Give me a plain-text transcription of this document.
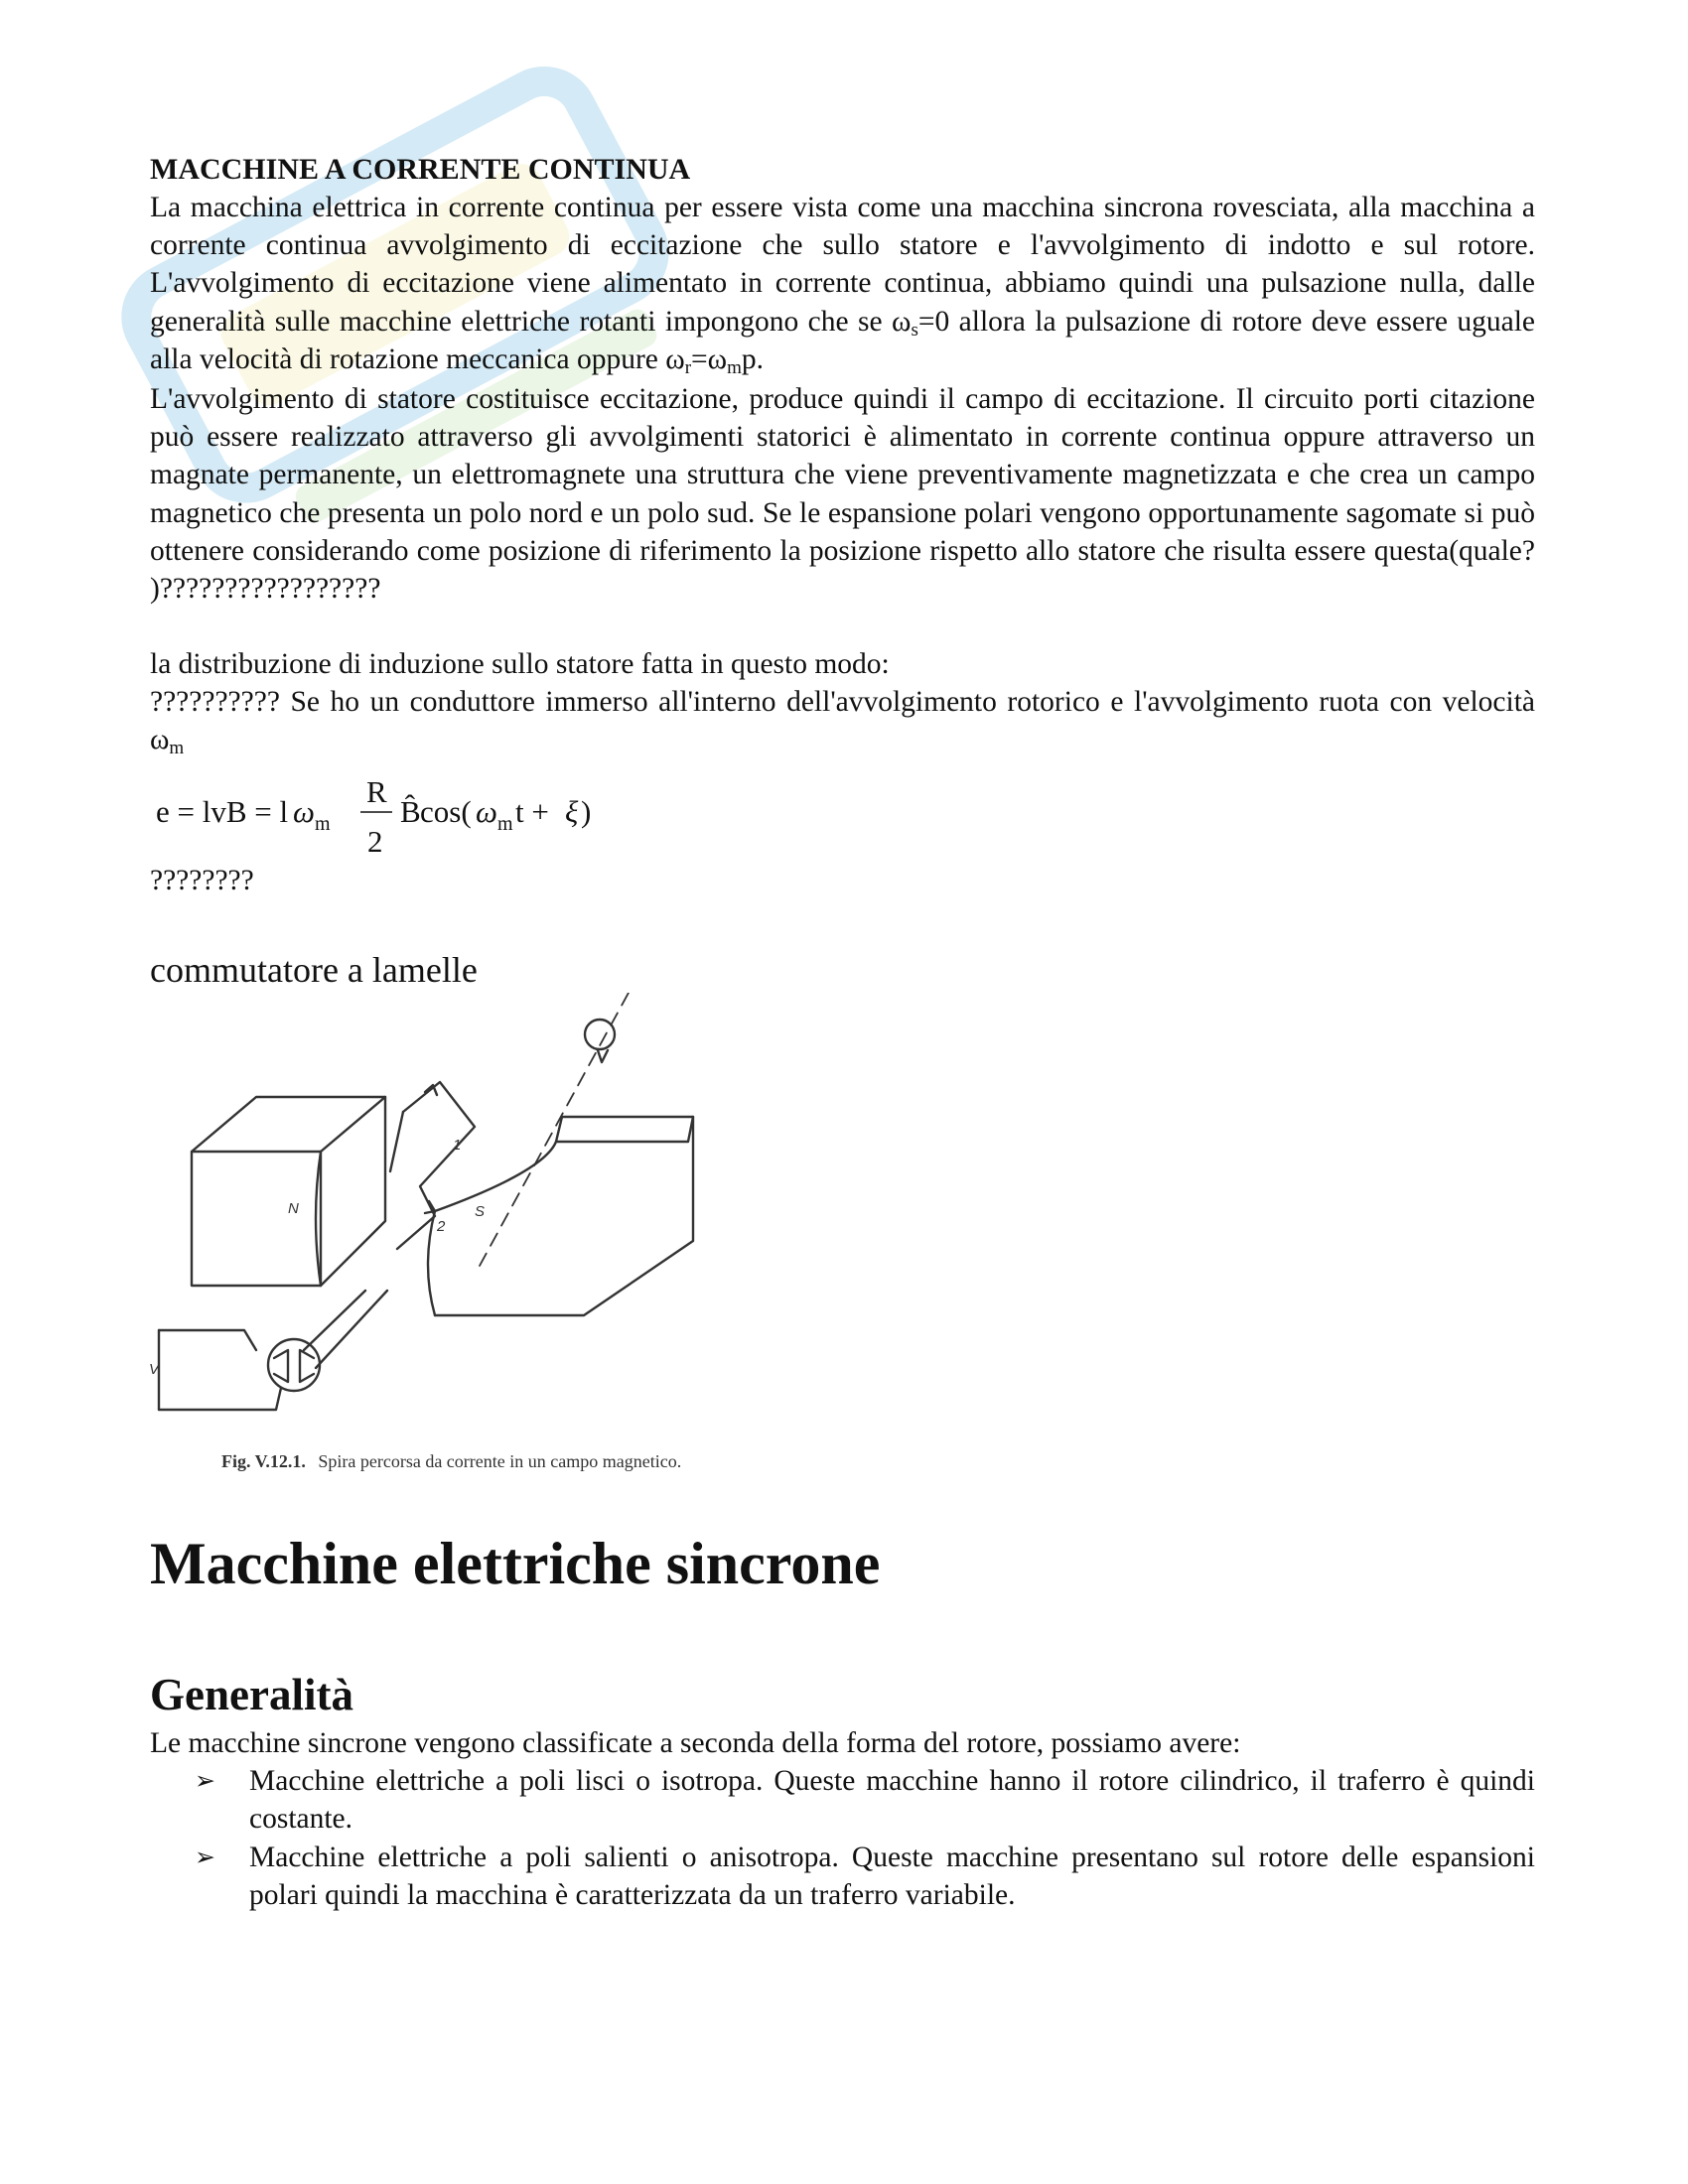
MACCHINE A CORRENTE CONTINUA

La macchina elettrica in corrente continua per essere vista come una macchina sincrona rovesciata, alla macchina a corrente continua avvolgimento di eccitazione che sullo statore e l'avvolgimento di indotto e sul rotore. L'avvolgimento di eccitazione viene alimentato in corrente continua, abbiamo quindi una pulsazione nulla, dalle generalità sulle macchine elettriche rotanti impongono che se $\omega_s=0$ allora la pulsazione di rotore deve essere uguale alla velocità di rotazione meccanica oppure $\omega_r=\omega_mp$.

L'avvolgimento di statore costituisce eccitazione, produce quindi il campo di eccitazione. Il circuito porti citazione può essere realizzato attraverso gli avvolgimenti statorici è alimentato in corrente continua oppure attraverso un magnate permanente, un elettromagnete una struttura che viene preventivamente magnetizzata e che crea un campo magnetico che presenta un polo nord e un polo sud. Se le espansione polari vengono opportunamente sagomate si può ottenere considerando come posizione di riferimento la posizione rispetto allo statore che risulta essere questa(quale? )?????????????????
la distribuzione di induzione sullo statore fatta in questo modo:

?????????? Se ho un conduttore immerso all'interno dell'avvolgimento rotorico e l'avvolgimento ruota con velocità $\omega_m$

e = lvB = l ω m
R
2
B̂ cos( ω m t + ξ )
????????
commutatore a lamelle
N	S
1
2
V
Fig. V.12.1. Spira percorsa da corrente in un campo magnetico.
Macchine elettriche sincrone
Generalità

Le macchine sincrone vengono classificate a seconda della forma del rotore, possiamo avere:

➢ Macchine elettriche a poli lisci o isotropa. Queste macchine hanno il rotore cilindrico, il traferro è quindi costante.
➢ Macchine elettriche a poli salienti o anisotropa. Queste macchine presentano sul rotore delle espansioni polari quindi la macchina è caratterizzata da un traferro variabile.
